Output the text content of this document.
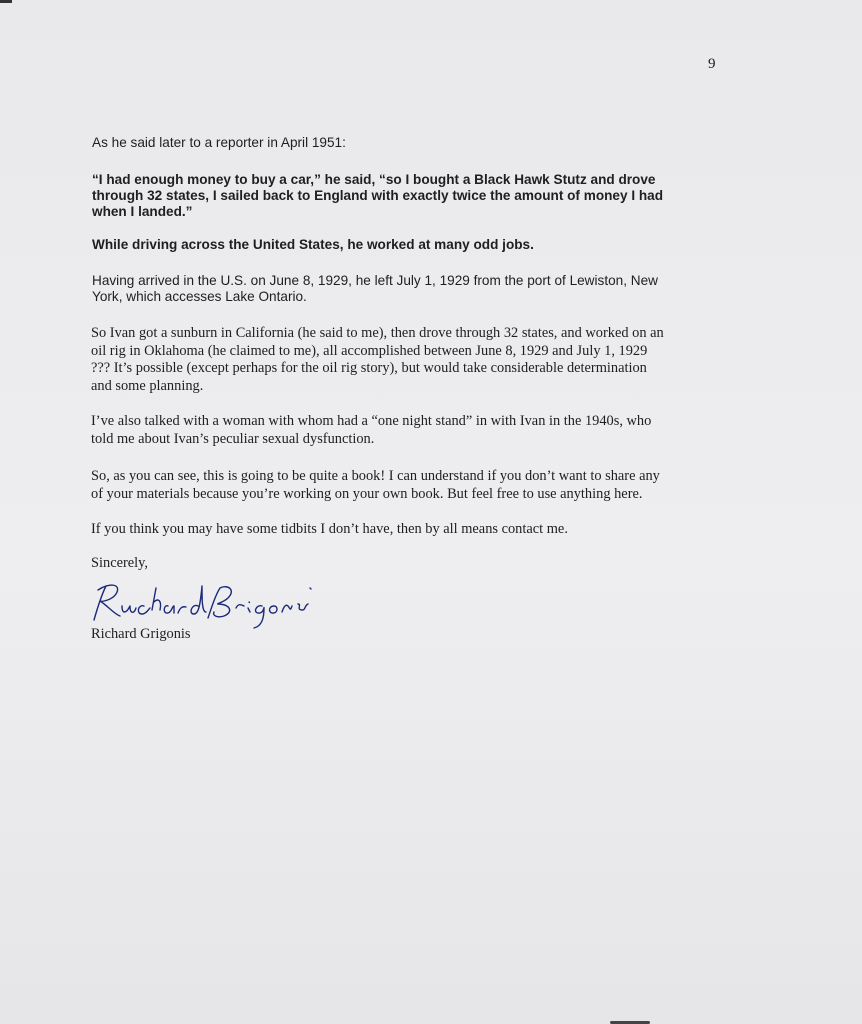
9

As he said later to a reporter in April 1951:

“I had enough money to buy a car,” he said, “so I bought a Black Hawk Stutz and drove
through 32 states, I sailed back to England with exactly twice the amount of money I had
when I landed.”

While driving across the United States, he worked at many odd jobs.

Having arrived in the U.S. on June 8, 1929, he left July 1, 1929 from the port of Lewiston, New
York, which accesses Lake Ontario.

So Ivan got a sunburn in California (he said to me), then drove through 32 states, and worked on an
oil rig in Oklahoma (he claimed to me), all accomplished between June 8, 1929 and July 1, 1929
??? It’s possible (except perhaps for the oil rig story), but would take considerable determination
and some planning.

I’ve also talked with a woman with whom had a “one night stand” in with Ivan in the 1940s, who
told me about Ivan’s peculiar sexual dysfunction.

So, as you can see, this is going to be quite a book! I can understand if you don’t want to share any
of your materials because you’re working on your own book. But feel free to use anything here.

If you think you may have some tidbits I don’t have, then by all means contact me.

Sincerely,

Richard Grigonis
